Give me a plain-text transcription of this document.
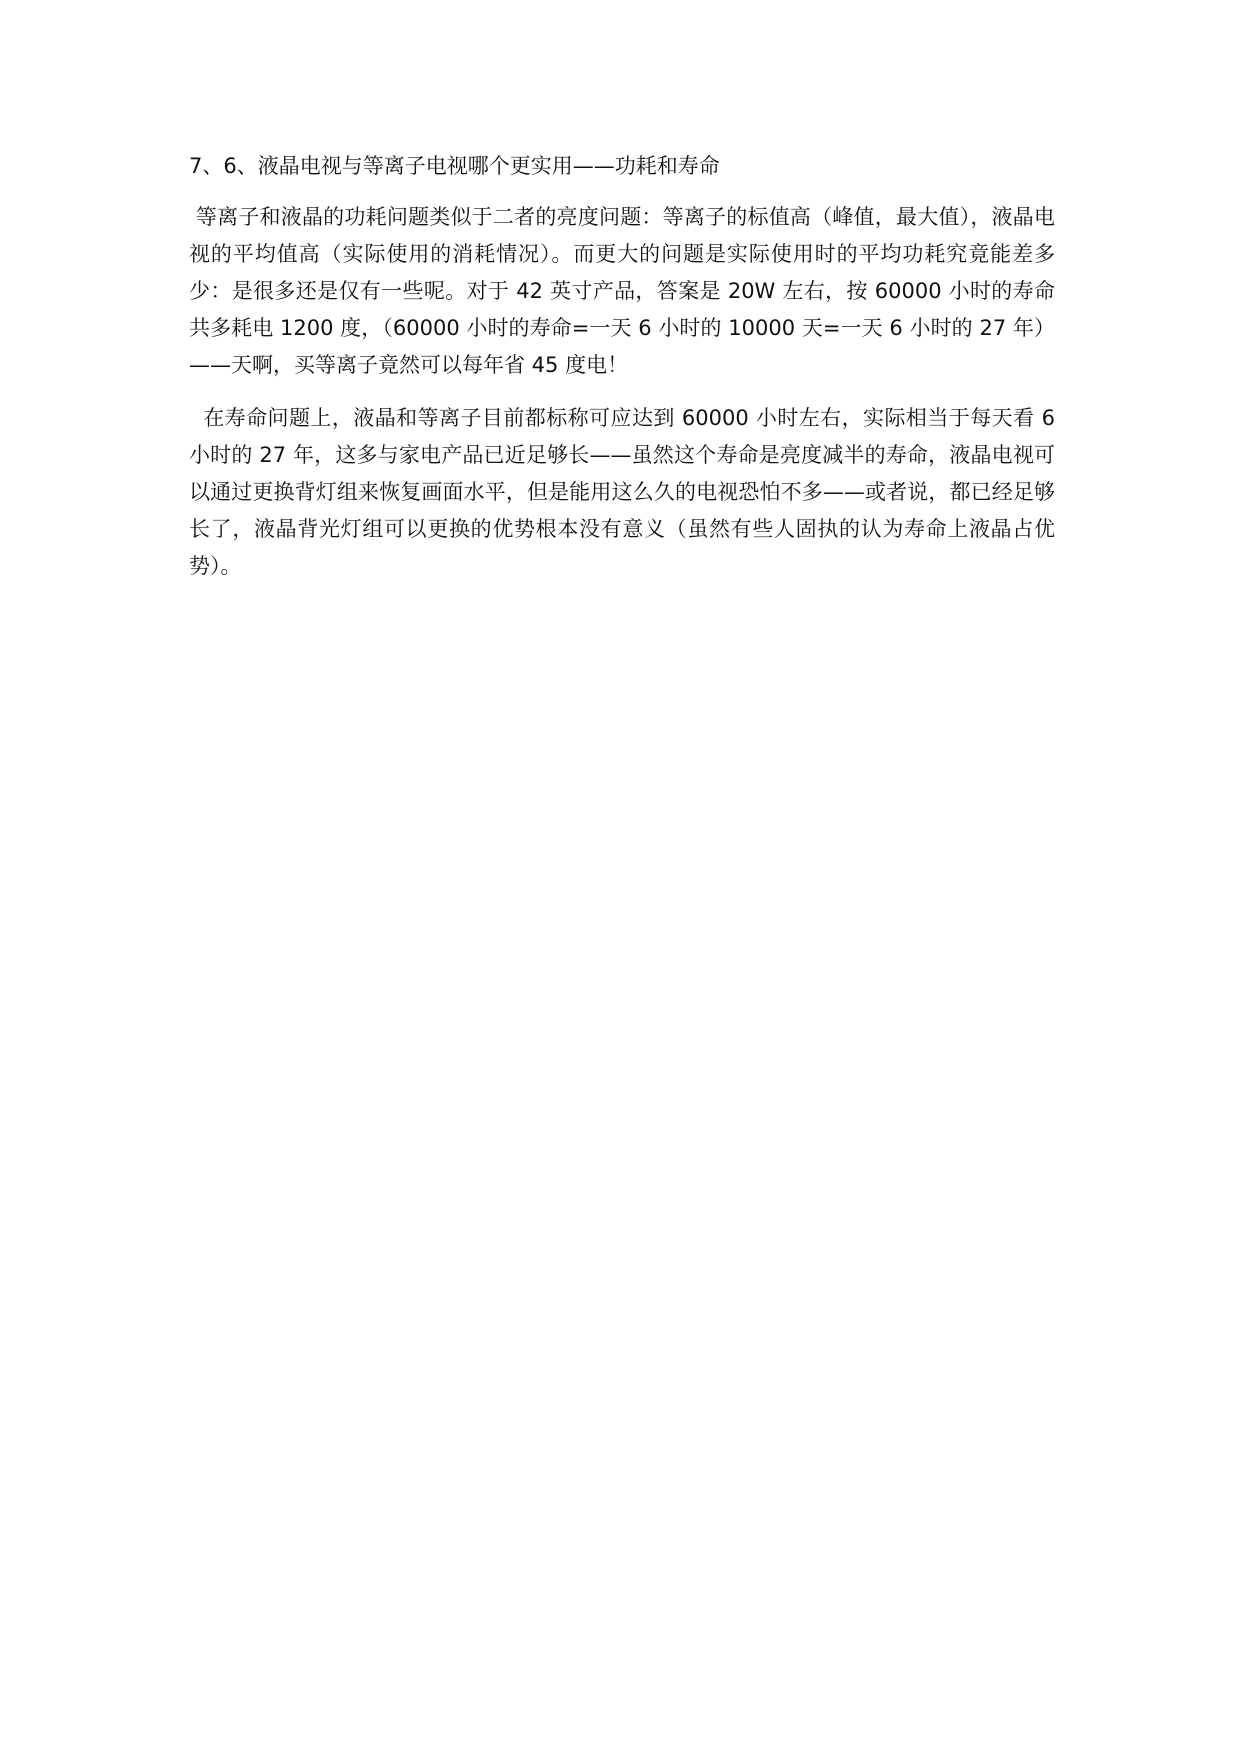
7、6、液晶电视与等离子电视哪个更实用——功耗和寿命

等离子和液晶的功耗问题类似于二者的亮度问题：等离子的标值高（峰值，最大值），液晶电视的平均值高（实际使用的消耗情况）。而更大的问题是实际使用时的平均功耗究竟能差多少：是很多还是仅有一些呢。对于 42 英寸产品，答案是 20W 左右，按 60000 小时的寿命共多耗电 1200 度，（60000 小时的寿命=一天 6 小时的 10000 天=一天 6 小时的 27 年）——天啊，买等离子竟然可以每年省 45 度电！

在寿命问题上，液晶和等离子目前都标称可应达到 60000 小时左右，实际相当于每天看 6 小时的 27 年，这多与家电产品已近足够长——虽然这个寿命是亮度减半的寿命，液晶电视可以通过更换背灯组来恢复画面水平，但是能用这么久的电视恐怕不多——或者说，都已经足够长了，液晶背光灯组可以更换的优势根本没有意义（虽然有些人固执的认为寿命上液晶占优势）。
